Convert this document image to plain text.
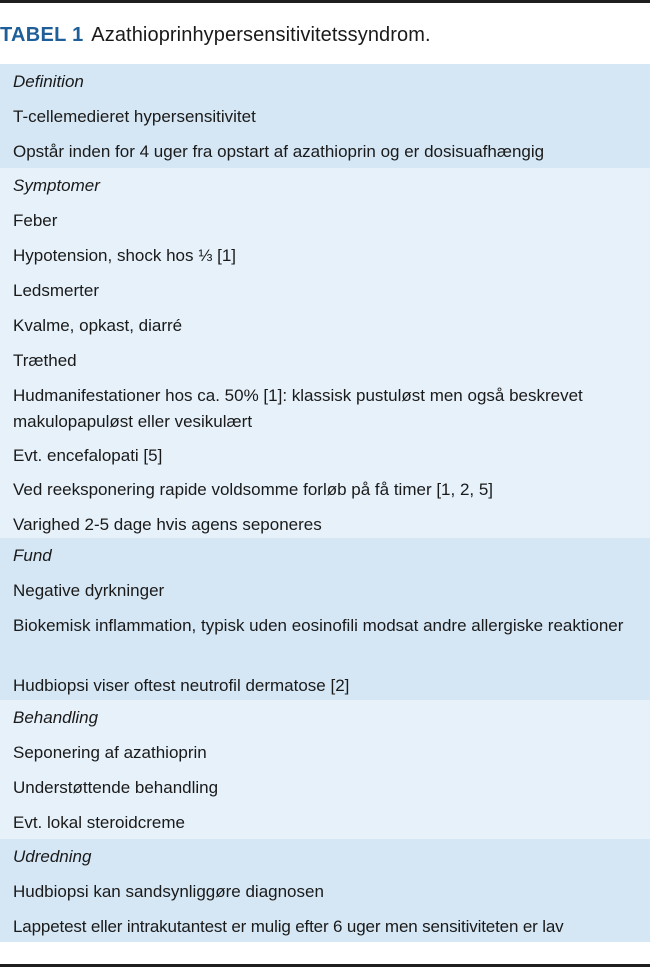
TABEL 1 Azathioprinhypersensitivitetssyndrom.
Definition
T-cellemedieret hypersensitivitet
Opstår inden for 4 uger fra opstart af azathioprin og er dosisuafhængig
Symptomer
Feber
Hypotension, shock hos ⅓ [1]
Ledsmerter
Kvalme, opkast, diarré
Træthed
Hudmanifestationer hos ca. 50% [1]: klassisk pustuløst men også beskrevet makulopapuløst eller vesikulært
Evt. encefalopati [5]
Ved reeksponering rapide voldsomme forløb på få timer [1, 2, 5]
Varighed 2-5 dage hvis agens seponeres
Fund
Negative dyrkninger
Biokemisk inflammation, typisk uden eosinofili modsat andre allergiske reaktioner
Hudbiopsi viser oftest neutrofil dermatose [2]
Behandling
Seponering af azathioprin
Understøttende behandling
Evt. lokal steroidcreme
Udredning
Hudbiopsi kan sandsynliggøre diagnosen
Lappetest eller intrakutantest er mulig efter 6 uger men sensitiviteten er lav
